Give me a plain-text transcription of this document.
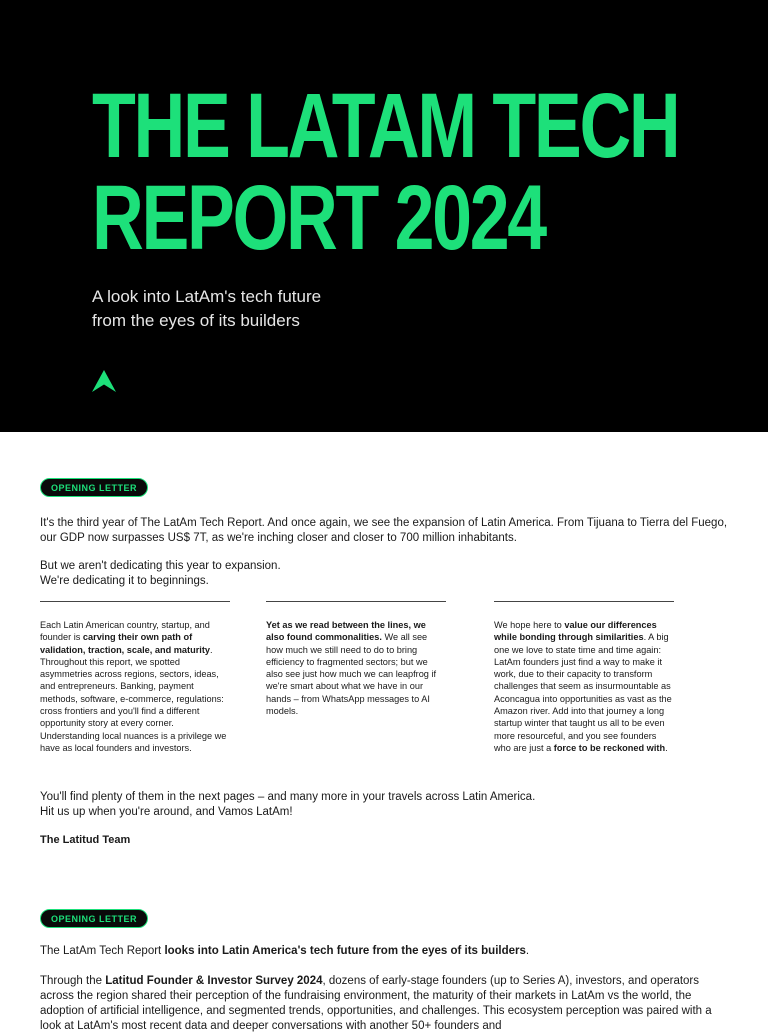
THE LATAM TECH
REPORT 2024

A look into LatAm's tech future
from the eyes of its builders

OPENING LETTER

It's the third year of The LatAm Tech Report. And once again, we see the expansion of Latin America. From Tijuana to Tierra del Fuego, our GDP now surpasses US$ 7T, as we're inching closer and closer to 700 million inhabitants.

But we aren't dedicating this year to expansion.
We're dedicating it to beginnings.

Each Latin American country, startup, and founder is carving their own path of validation, traction, scale, and maturity. Throughout this report, we spotted asymmetries across regions, sectors, ideas, and entrepreneurs. Banking, payment methods, software, e-commerce, regulations: cross frontiers and you'll find a different opportunity story at every corner. Understanding local nuances is a privilege we have as local founders and investors.
Yet as we read between the lines, we also found commonalities. We all see how much we still need to do to bring efficiency to fragmented sectors; but we also see just how much we can leapfrog if we're smart about what we have in our hands – from WhatsApp messages to AI models.
We hope here to value our differences while bonding through similarities. A big one we love to state time and time again: LatAm founders just find a way to make it work, due to their capacity to transform challenges that seem as insurmountable as Aconcagua into opportunities as vast as the Amazon river. Add into that journey a long startup winter that taught us all to be even more resourceful, and you see founders who are just a force to be reckoned with.

You'll find plenty of them in the next pages – and many more in your travels across Latin America.
Hit us up when you're around, and Vamos LatAm!

The Latitud Team

OPENING LETTER

The LatAm Tech Report looks into Latin America's tech future from the eyes of its builders.

Through the Latitud Founder & Investor Survey 2024, dozens of early-stage founders (up to Series A), investors, and operators across the region shared their perception of the fundraising environment, the maturity of their markets in LatAm vs the world, the adoption of artificial intelligence, and segmented trends, opportunities, and challenges. This ecosystem perception was paired with a look at LatAm's most recent data and deeper conversations with another 50+ founders and
